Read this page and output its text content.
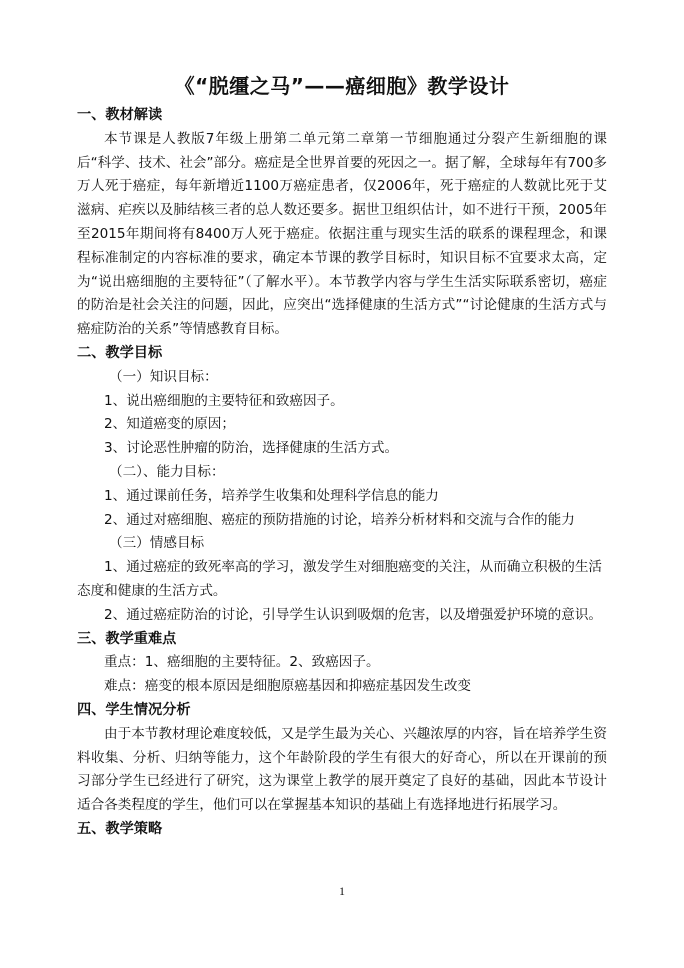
《“脱缰之马”——癌细胞》教学设计

一、教材解读

本节课是人教版7年级上册第二单元第二章第一节细胞通过分裂产生新细胞的课后“科学、技术、社会”部分。癌症是全世界首要的死因之一。据了解，全球每年有700多万人死于癌症，每年新增近1100万癌症患者，仅2006年，死于癌症的人数就比死于艾滋病、疟疾以及肺结核三者的总人数还要多。据世卫组织估计，如不进行干预，2005年至2015年期间将有8400万人死于癌症。依据注重与现实生活的联系的课程理念，和课程标准制定的内容标准的要求，确定本节课的教学目标时，知识目标不宜要求太高，定为“说出癌细胞的主要特征”（了解水平）。本节教学内容与学生生活实际联系密切，癌症的防治是社会关注的问题，因此，应突出“选择健康的生活方式”“讨论健康的生活方式与癌症防治的关系”等情感教育目标。

二、教学目标

（一）知识目标：

1、说出癌细胞的主要特征和致癌因子。

2、知道癌变的原因；

3、讨论恶性肿瘤的防治，选择健康的生活方式。

（二）、能力目标：

1、通过课前任务，培养学生收集和处理科学信息的能力

2、通过对癌细胞、癌症的预防措施的讨论，培养分析材料和交流与合作的能力

（三）情感目标

1、通过癌症的致死率高的学习，激发学生对细胞癌变的关注，从而确立积极的生活态度和健康的生活方式。

2、通过癌症防治的讨论，引导学生认识到吸烟的危害，以及增强爱护环境的意识。

三、教学重难点

重点：1、癌细胞的主要特征。2、致癌因子。

难点：癌变的根本原因是细胞原癌基因和抑癌症基因发生改变

四、学生情况分析

由于本节教材理论难度较低，又是学生最为关心、兴趣浓厚的内容，旨在培养学生资料收集、分析、归纳等能力，这个年龄阶段的学生有很大的好奇心，所以在开课前的预习部分学生已经进行了研究，这为课堂上教学的展开奠定了良好的基础，因此本节设计适合各类程度的学生，他们可以在掌握基本知识的基础上有选择地进行拓展学习。

五、教学策略

1
